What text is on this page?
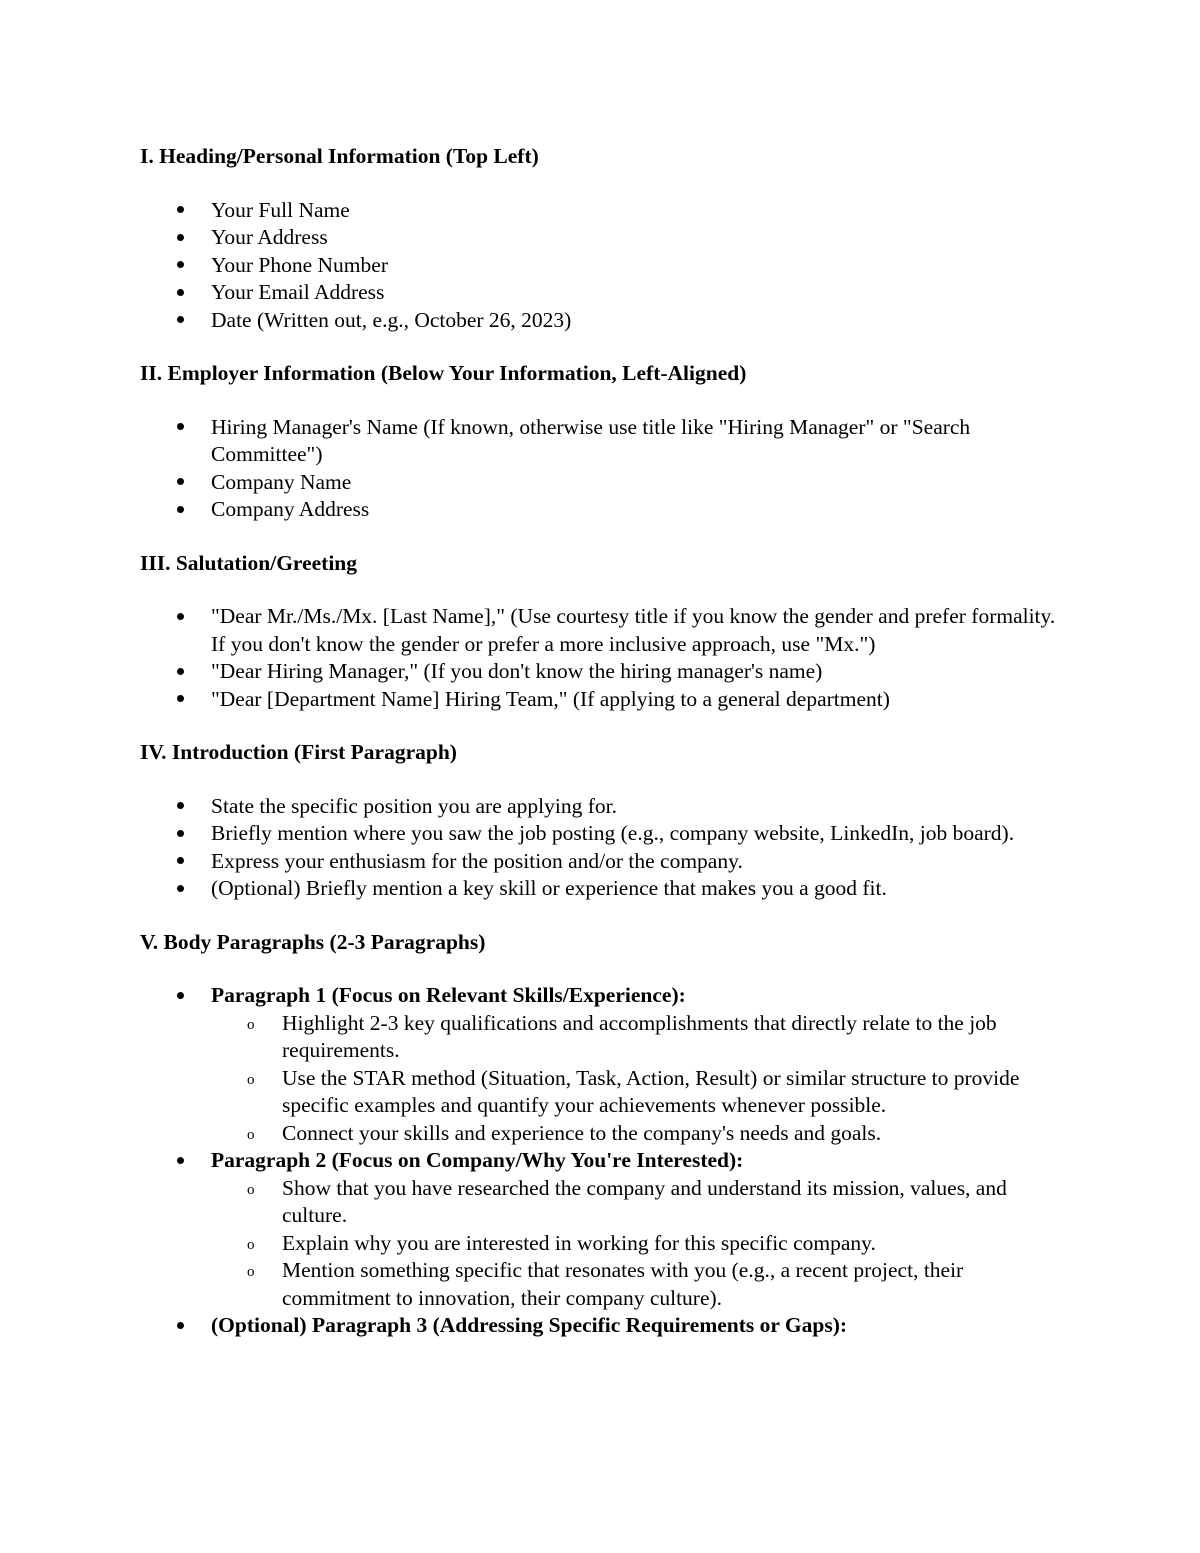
I. Heading/Personal Information (Top Left)

Your Full Name
Your Address
Your Phone Number
Your Email Address
Date (Written out, e.g., October 26, 2023)

II. Employer Information (Below Your Information, Left-Aligned)

Hiring Manager's Name (If known, otherwise use title like "Hiring Manager" or "Search Committee")
Company Name
Company Address

III. Salutation/Greeting

"Dear Mr./Ms./Mx. [Last Name]," (Use courtesy title if you know the gender and prefer formality. If you don't know the gender or prefer a more inclusive approach, use "Mx.")
"Dear Hiring Manager," (If you don't know the hiring manager's name)
"Dear [Department Name] Hiring Team," (If applying to a general department)

IV. Introduction (First Paragraph)

State the specific position you are applying for.
Briefly mention where you saw the job posting (e.g., company website, LinkedIn, job board).
Express your enthusiasm for the position and/or the company.
(Optional) Briefly mention a key skill or experience that makes you a good fit.

V. Body Paragraphs (2-3 Paragraphs)

Paragraph 1 (Focus on Relevant Skills/Experience):
o Highlight 2-3 key qualifications and accomplishments that directly relate to the job requirements.
o Use the STAR method (Situation, Task, Action, Result) or similar structure to provide specific examples and quantify your achievements whenever possible.
o Connect your skills and experience to the company's needs and goals.
Paragraph 2 (Focus on Company/Why You're Interested):
o Show that you have researched the company and understand its mission, values, and culture.
o Explain why you are interested in working for this specific company.
o Mention something specific that resonates with you (e.g., a recent project, their commitment to innovation, their company culture).
(Optional) Paragraph 3 (Addressing Specific Requirements or Gaps):
